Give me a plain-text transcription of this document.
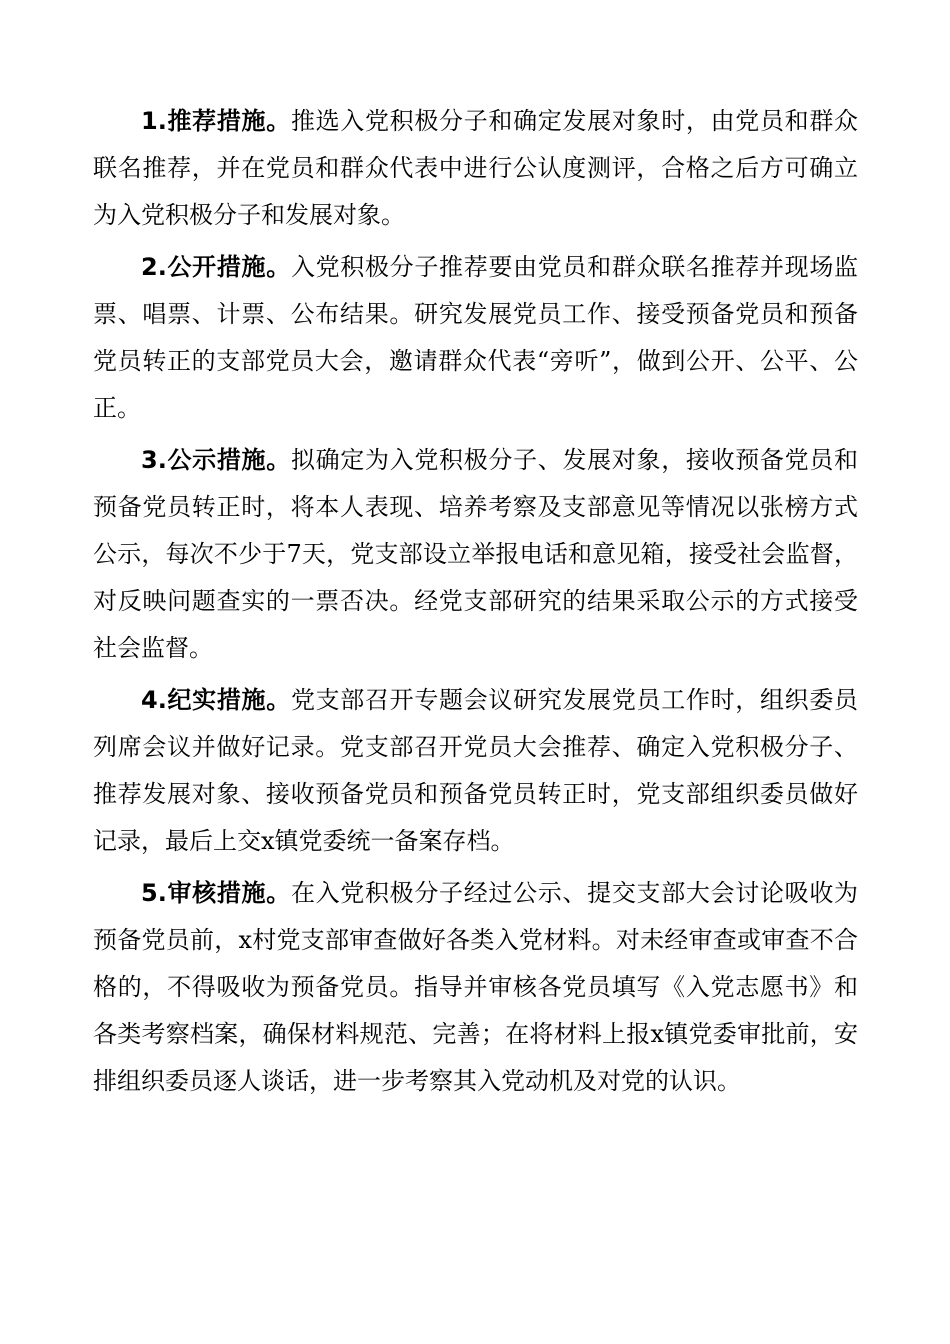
1.推荐措施。推选入党积极分子和确定发展对象时，由党员和群众联名推荐，并在党员和群众代表中进行公认度测评，合格之后方可确立为入党积极分子和发展对象。

2.公开措施。入党积极分子推荐要由党员和群众联名推荐并现场监票、唱票、计票、公布结果。研究发展党员工作、接受预备党员和预备党员转正的支部党员大会，邀请群众代表“旁听”，做到公开、公平、公正。

3.公示措施。拟确定为入党积极分子、发展对象，接收预备党员和预备党员转正时，将本人表现、培养考察及支部意见等情况以张榜方式公示，每次不少于7天，党支部设立举报电话和意见箱，接受社会监督，对反映问题查实的一票否决。经党支部研究的结果采取公示的方式接受社会监督。

4.纪实措施。党支部召开专题会议研究发展党员工作时，组织委员列席会议并做好记录。党支部召开党员大会推荐、确定入党积极分子、推荐发展对象、接收预备党员和预备党员转正时，党支部组织委员做好记录，最后上交x镇党委统一备案存档。

5.审核措施。在入党积极分子经过公示、提交支部大会讨论吸收为预备党员前，x村党支部审查做好各类入党材料。对未经审查或审查不合格的，不得吸收为预备党员。指导并审核各党员填写《入党志愿书》和各类考察档案，确保材料规范、完善；在将材料上报x镇党委审批前，安排组织委员逐人谈话，进一步考察其入党动机及对党的认识。
